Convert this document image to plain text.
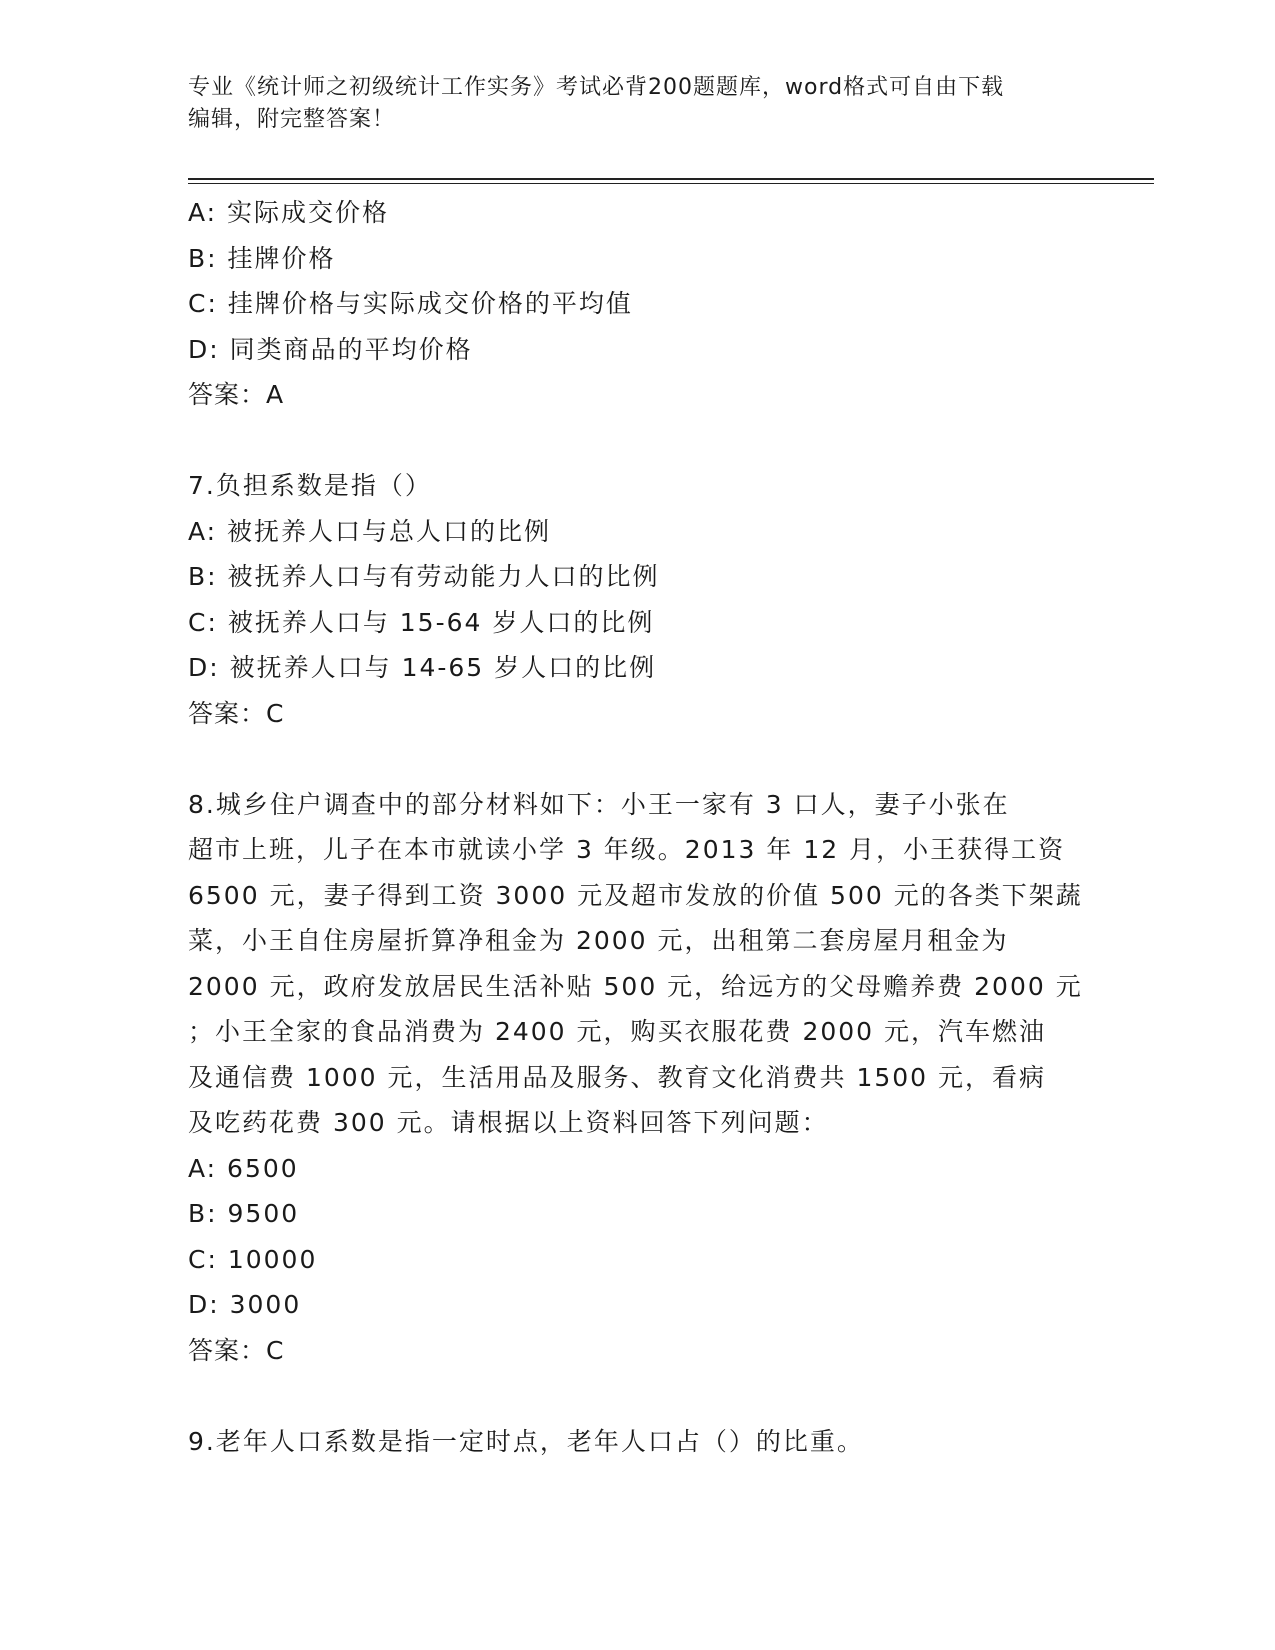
专业《统计师之初级统计工作实务》考试必背200题题库，word格式可自由下载
编辑，附完整答案！
A: 实际成交价格
B: 挂牌价格
C: 挂牌价格与实际成交价格的平均值
D: 同类商品的平均价格
答案：A
7.负担系数是指（）
A: 被抚养人口与总人口的比例
B: 被抚养人口与有劳动能力人口的比例
C: 被抚养人口与 15-64 岁人口的比例
D: 被抚养人口与 14-65 岁人口的比例
答案：C
8.城乡住户调查中的部分材料如下：小王一家有 3 口人，妻子小张在
超市上班，儿子在本市就读小学 3 年级。2013 年 12 月，小王获得工资
6500 元，妻子得到工资 3000 元及超市发放的价值 500 元的各类下架蔬
菜，小王自住房屋折算净租金为 2000 元，出租第二套房屋月租金为
2000 元，政府发放居民生活补贴 500 元，给远方的父母赡养费 2000 元
；小王全家的食品消费为 2400 元，购买衣服花费 2000 元，汽车燃油
及通信费 1000 元，生活用品及服务、教育文化消费共 1500 元，看病
及吃药花费 300 元。请根据以上资料回答下列问题：
A: 6500
B: 9500
C: 10000
D: 3000
答案：C
9.老年人口系数是指一定时点，老年人口占（）的比重。
